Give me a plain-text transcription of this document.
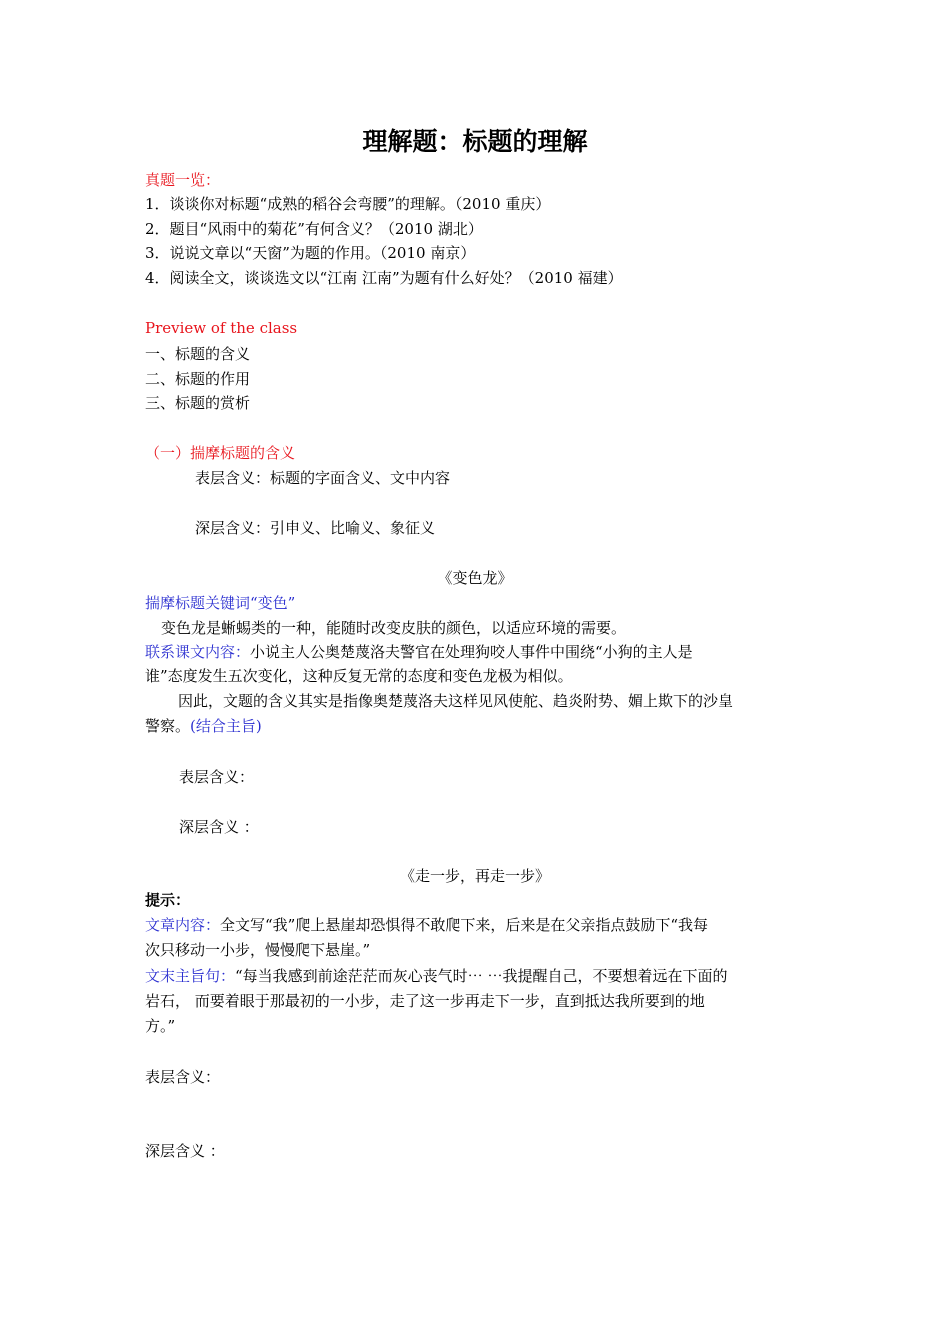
理解题：标题的理解
真题一览：
1．谈谈你对标题“成熟的稻谷会弯腰”的理解。（2010 重庆）
2．题目“风雨中的菊花”有何含义？（2010 湖北）
3．说说文章以“天窗”为题的作用。（2010 南京）
4．阅读全文，谈谈选文以“江南 江南”为题有什么好处？（2010 福建）
Preview of the class
一、标题的含义
二、标题的作用
三、标题的赏析
（一）揣摩标题的含义
表层含义：标题的字面含义、文中内容
深层含义：引申义、比喻义、象征义
《变色龙》
揣摩标题关键词“变色”
变色龙是蜥蜴类的一种，能随时改变皮肤的颜色，以适应环境的需要。
联系课文内容：小说主人公奥楚蔑洛夫警官在处理狗咬人事件中围绕“小狗的主人是
谁”态度发生五次变化，这种反复无常的态度和变色龙极为相似。
因此，文题的含义其实是指像奥楚蔑洛夫这样见风使舵、趋炎附势、媚上欺下的沙皇
警察。(结合主旨)
表层含义：
深层含义 ：
《走一步，再走一步》
提示：
文章内容：全文写“我”爬上悬崖却恐惧得不敢爬下来，后来是在父亲指点鼓励下“我每
次只移动一小步，慢慢爬下悬崖。”
文末主旨句：“每当我感到前途茫茫而灰心丧气时⋯ ⋯我提醒自己，不要想着远在下面的
岩石， 而要着眼于那最初的一小步，走了这一步再走下一步，直到抵达我所要到的地
方。”
表层含义：
深层含义 ：
